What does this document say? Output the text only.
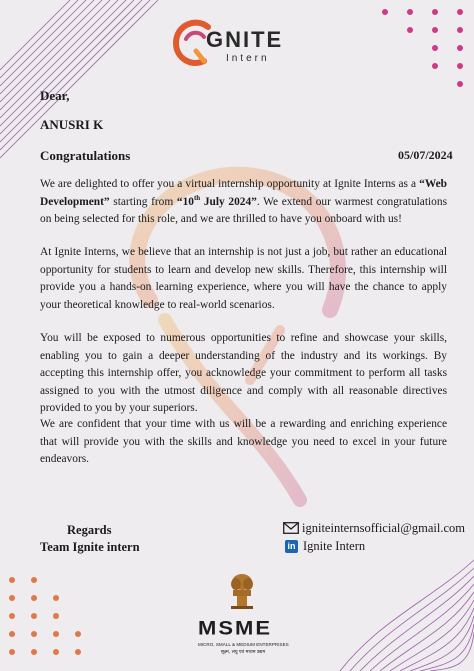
GNITE
Intern
Dear,
ANUSRI K
Congratulations	05/07/2024
We are delighted to offer you a virtual internship opportunity at Ignite Interns as a “Web Development” starting from “10th July 2024”. We extend our warmest congratulations on being selected for this role, and we are thrilled to have you onboard with us!
At Ignite Interns, we believe that an internship is not just a job, but rather an educational opportunity for students to learn and develop new skills. Therefore, this internship will provide you a hands-on learning experience, where you will have the chance to apply your theoretical knowledge to real-world scenarios.
You will be exposed to numerous opportunities to refine and showcase your skills, enabling you to gain a deeper understanding of the industry and its workings. By accepting this internship offer, you acknowledge your commitment to perform all tasks assigned to you with the utmost diligence and comply with all reasonable directives provided to you by your superiors.
We are confident that your time with us will be a rewarding and enriching experience that will provide you with the skills and knowledge you need to excel in your future endeavors.
Regards
Team Ignite intern
igniteinternsofficial@gmail.com
in Ignite Intern
MSME
MICRO, SMALL & MEDIUM ENTERPRISES
सूक्ष्म, लघु एवं मध्यम उद्यम
